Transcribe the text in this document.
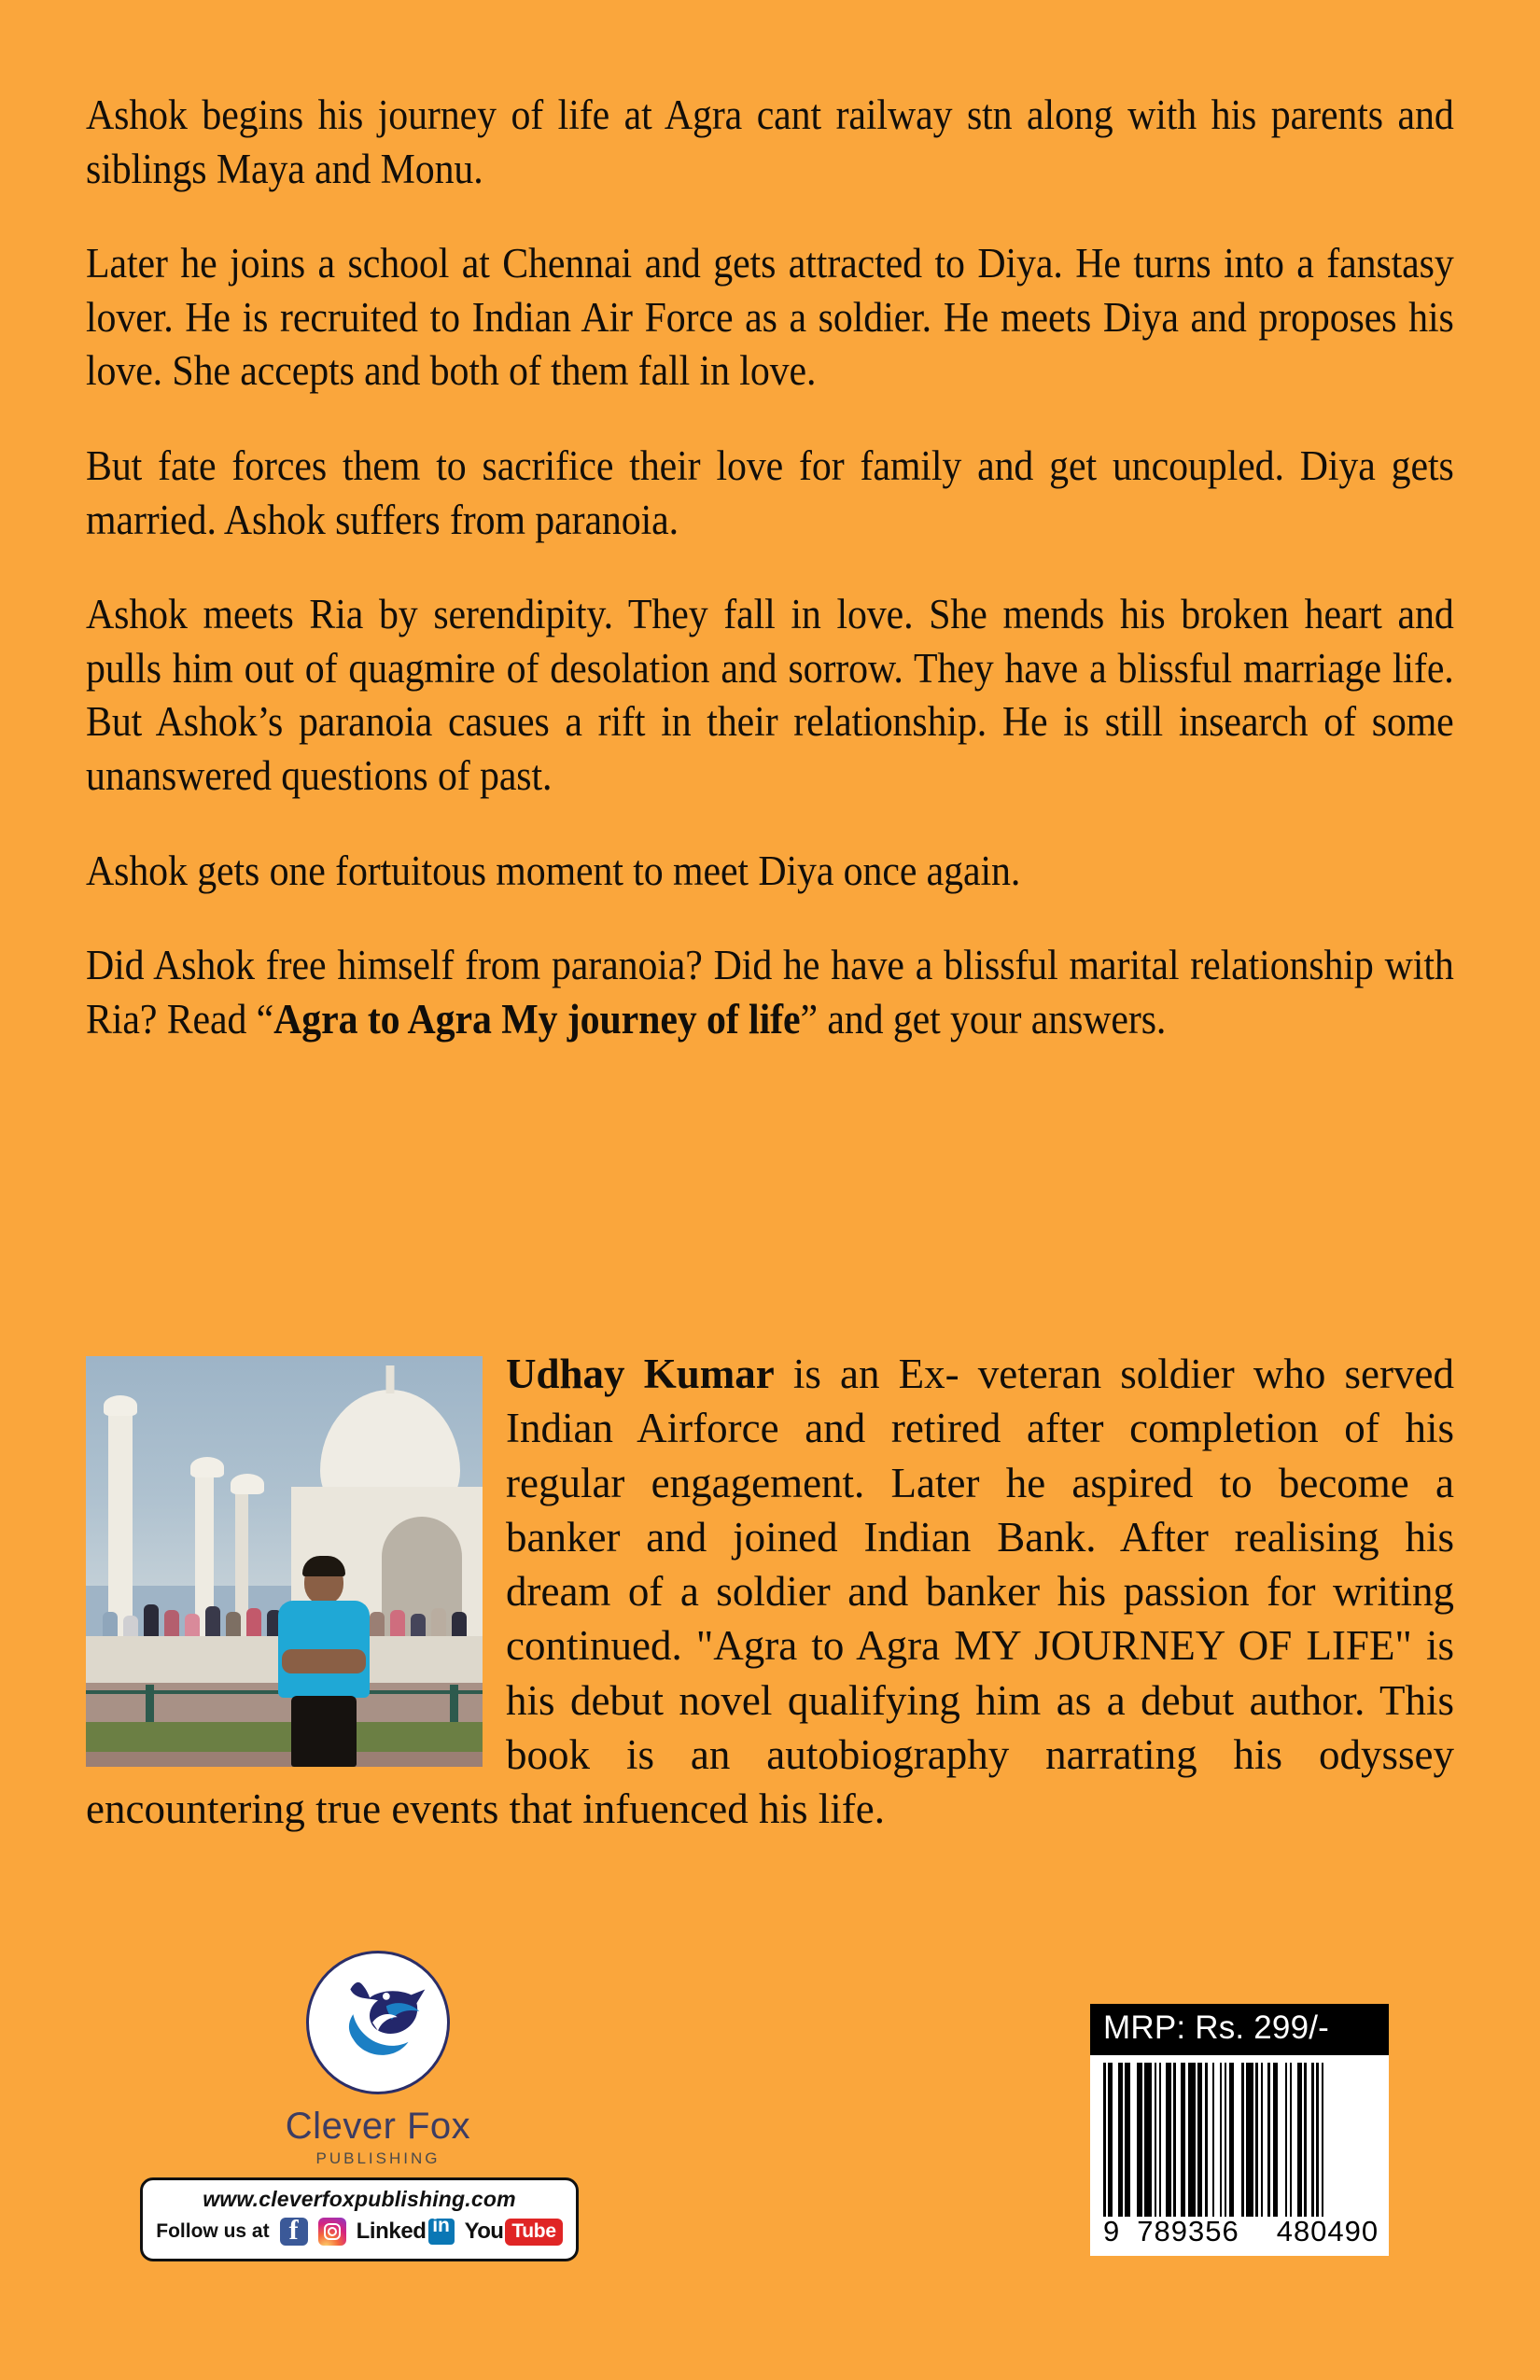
Ashok begins his journey of life at Agra cant railway stn along with his parents and siblings Maya and Monu.

Later he joins a school at Chennai and gets attracted to Diya. He turns into a fanstasy lover. He is recruited to Indian Air Force as a soldier. He meets Diya and proposes his love. She accepts and both of them fall in love.

But fate forces them to sacrifice their love for family and get uncoupled. Diya gets married. Ashok suffers from paranoia.

Ashok meets Ria by serendipity. They fall in love. She mends his broken heart and pulls him out of quagmire of desolation and sorrow. They have a blissful marriage life. But Ashok’s paranoia casues a rift in their relationship. He is still insearch of some unanswered questions of past.

Ashok gets one fortuitous moment to meet Diya once again.

Did Ashok free himself from paranoia? Did he have a blissful marital relationship with Ria? Read “Agra to Agra My journey of life” and get your answers.

Udhay Kumar is an Ex- veteran soldier who served Indian Airforce and retired after completion of his regular engagement. Later he aspired to become a banker and joined Indian Bank. After realising his dream of a soldier and banker his passion for writing continued. "Agra to Agra MY JOURNEY OF LIFE" is his debut novel qualifying him as a debut author. This book is an autobiography narrating his odyssey encountering true events that infuenced his life.
Clever Fox
PUBLISHING
www.cleverfoxpublishing.com
Follow us at f	Linked in You Tube
MRP: Rs. 299/-
9 789356 480490
